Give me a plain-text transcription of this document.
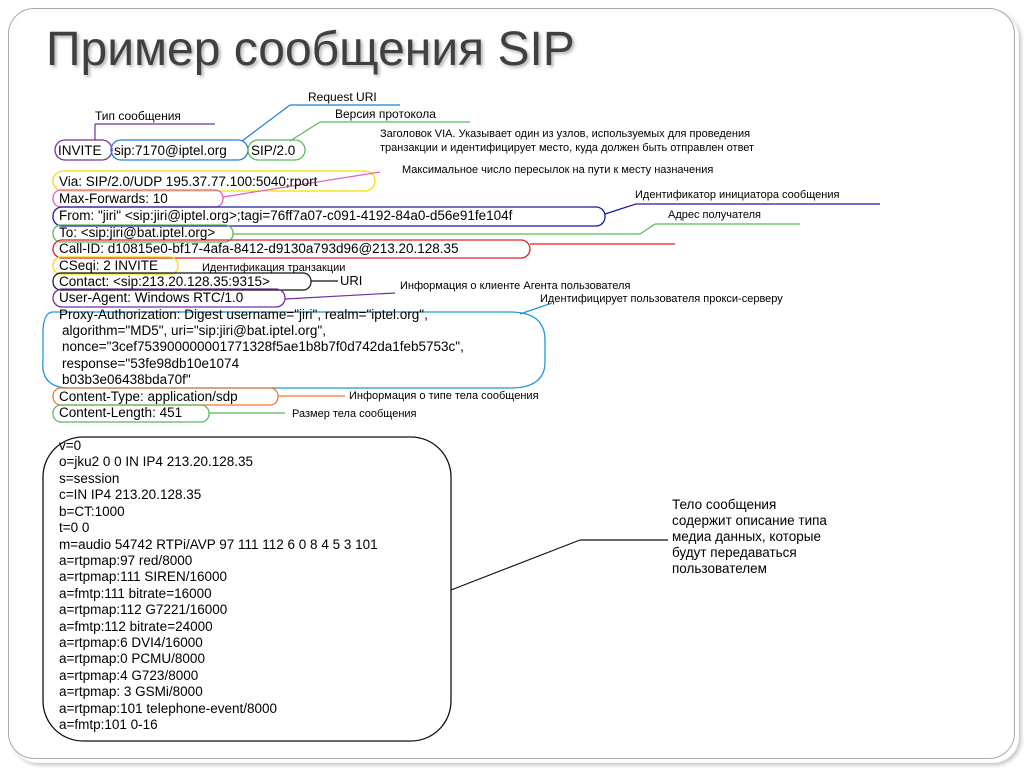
Пример сообщения SIP
INVITE sip:7170@iptel.org SIP/2.0
Via: SIP/2.0/UDP 195.37.77.100:5040;rport
Max-Forwards: 10
From: "jiri" <sip:jiri@iptel.org>;tagi=76ff7a07-c091-4192-84a0-d56e91fe104f
To: <sip:jiri@bat.iptel.org>
Call-ID: d10815e0-bf17-4afa-8412-d9130a793d96@213.20.128.35
CSeqi: 2 INVITE
Contact: <sip:213.20.128.35:9315>
User-Agent: Windows RTC/1.0
Proxy-Authorization: Digest username="jiri", realm="iptel.org",
algorithm="MD5", uri="sip:jiri@bat.iptel.org",
nonce="3cef753900000001771328f5ae1b8b7f0d742da1feb5753c",
response="53fe98db10e1074
b03b3e06438bda70f"
Content-Type: application/sdp
Content-Length: 451
Тип сообщения
Request URI
Версия протокола
Заголовок VIA. Указывает один из узлов, используемых для проведения
транзакции и идентифицирует место, куда должен быть отправлен ответ
Максимальное число пересылок на пути к месту назначения
Идентификатор инициатора сообщения
Адрес получателя
Идентификация транзакции
URI	Информация о клиенте Агента пользователя
Идентифицирует пользователя прокси-серверу
Информация о типе тела сообщения
Размер тела сообщения
v=0
o=jku2 0 0 IN IP4 213.20.128.35
s=session
c=IN IP4 213.20.128.35
b=CT:1000
t=0 0
m=audio 54742 RTPi/AVP 97 111 112 6 0 8 4 5 3 101
a=rtpmap:97 red/8000
a=rtpmap:111 SIREN/16000
a=fmtp:111 bitrate=16000
a=rtpmap:112 G7221/16000
a=fmtp:112 bitrate=24000
a=rtpmap:6 DVI4/16000
a=rtpmap:0 PCMU/8000
a=rtpmap:4 G723/8000
a=rtpmap: 3 GSMi/8000
a=rtpmap:101 telephone-event/8000
a=fmtp:101 0-16
Тело сообщения
содержит описание типа
медиа данных, которые
будут передаваться
пользователем
